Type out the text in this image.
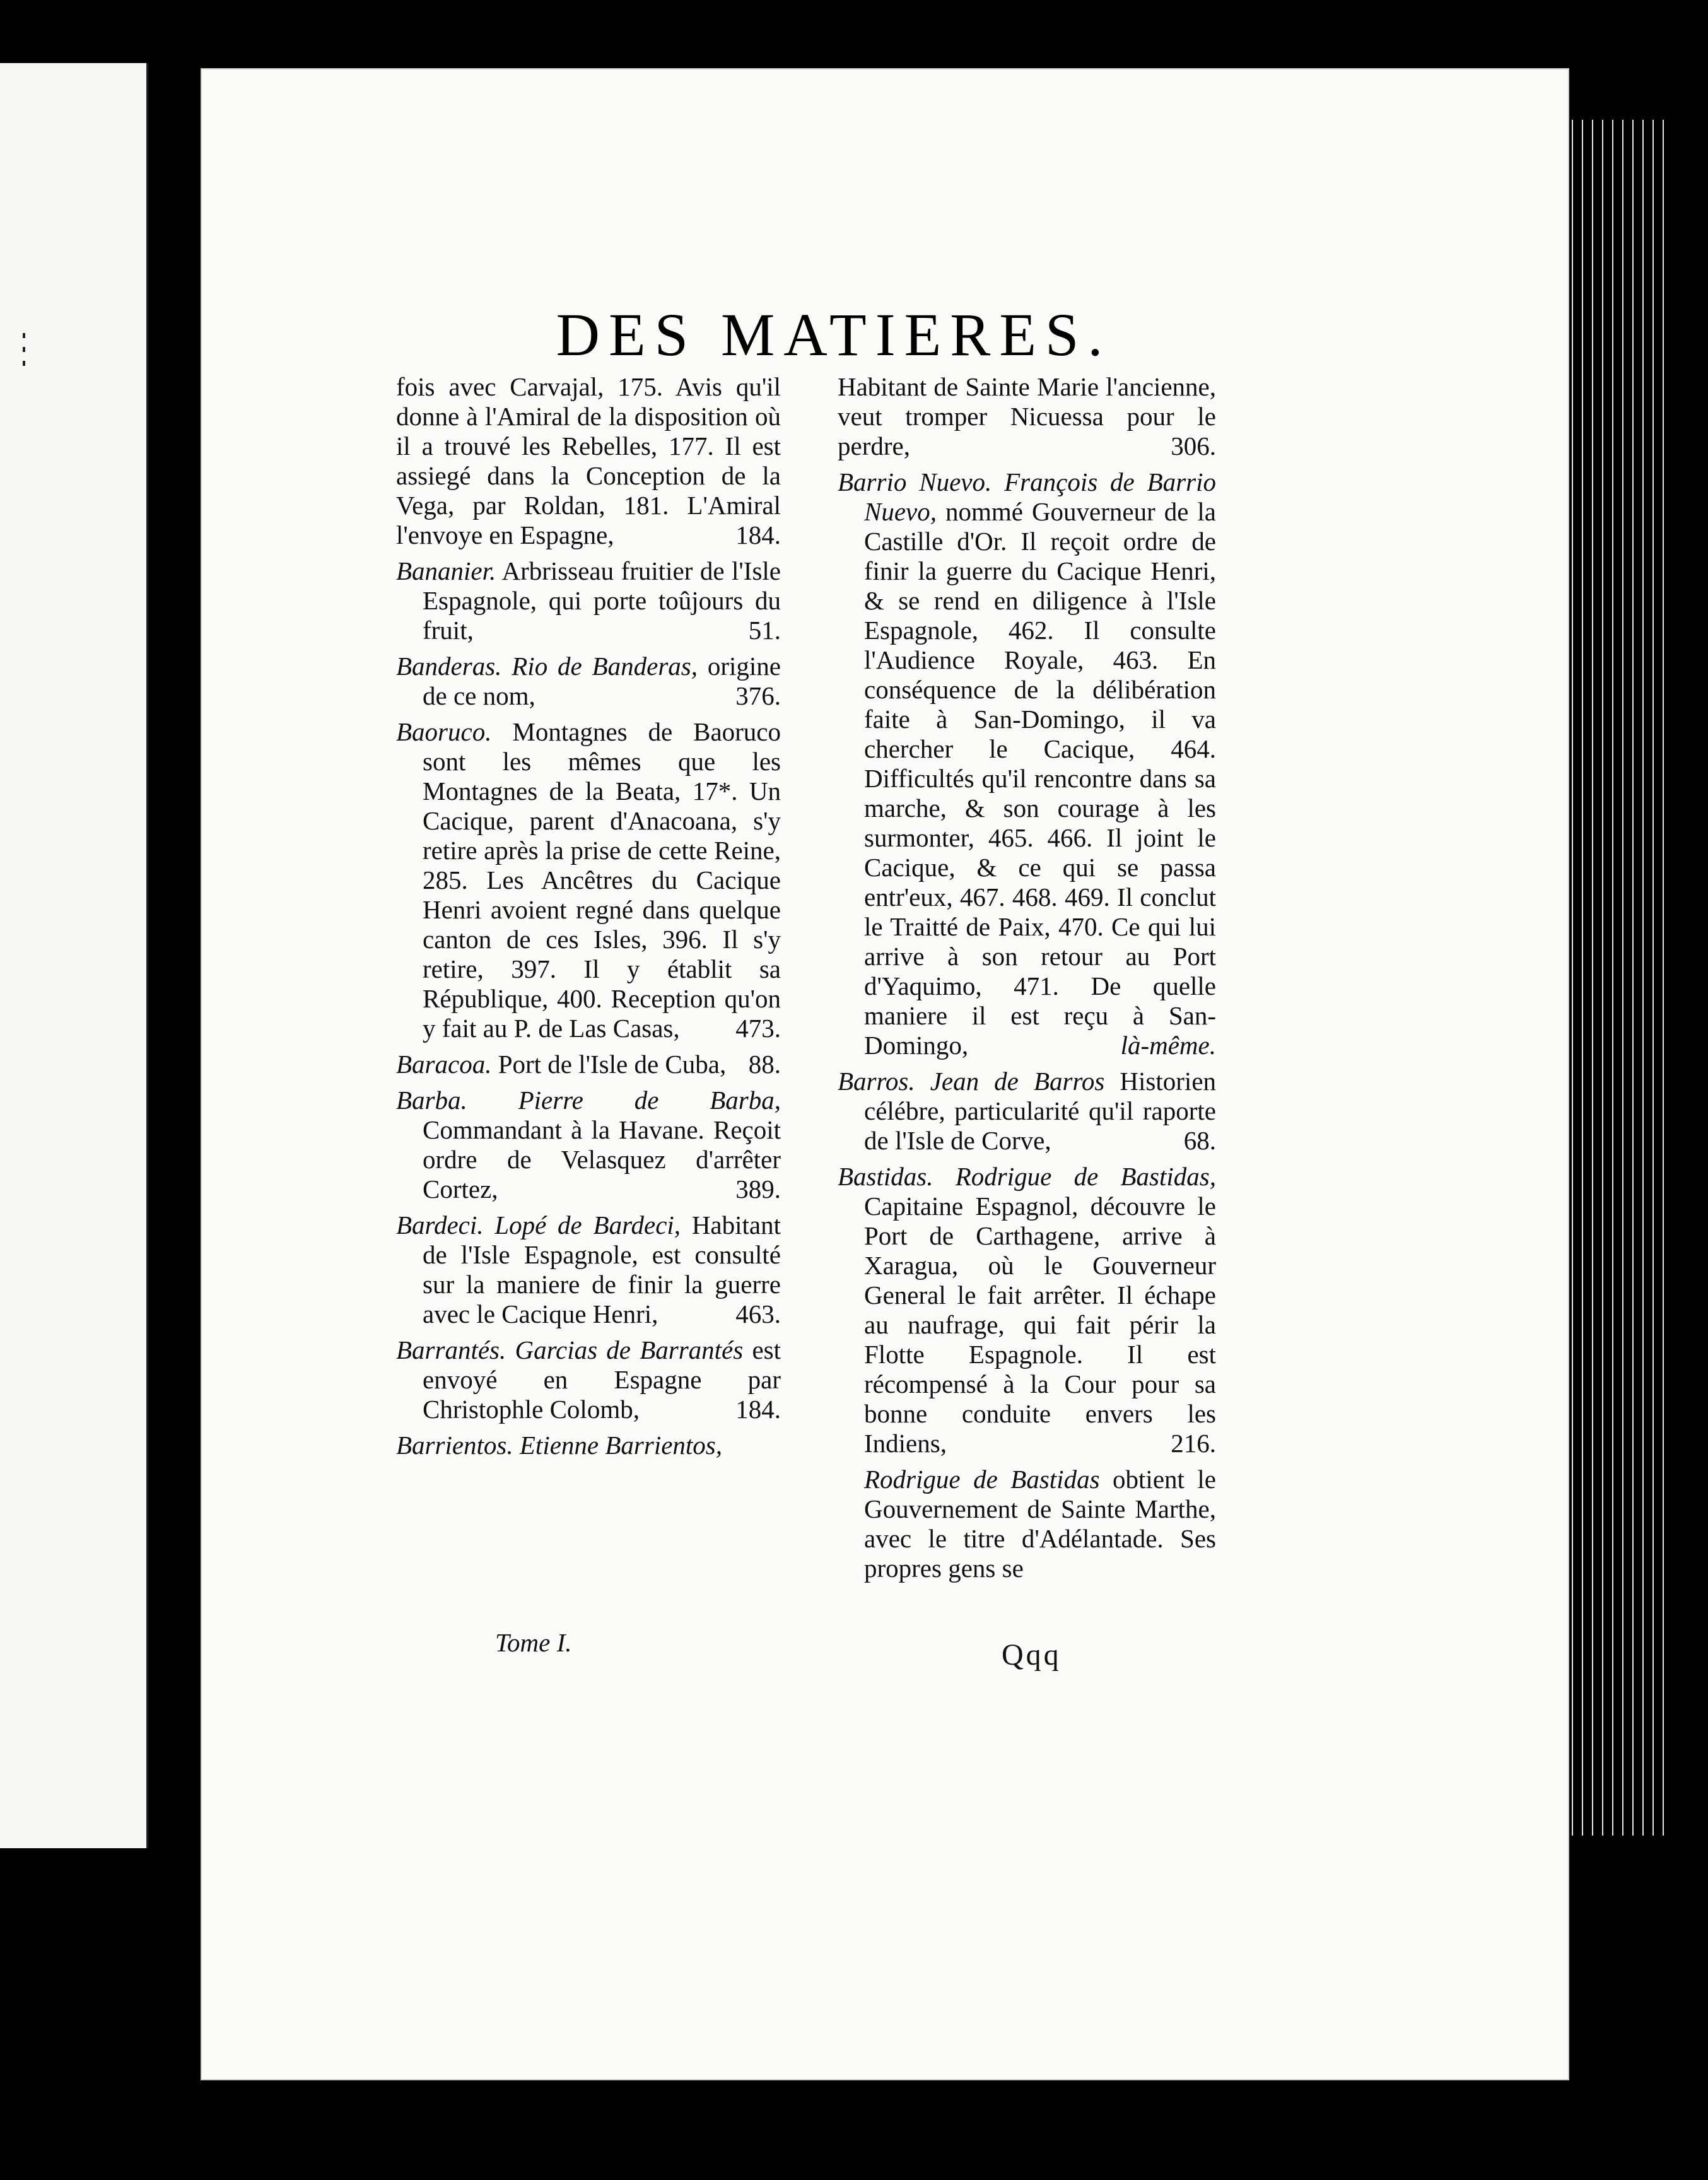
DES MATIERES.
fois avec Carvajal, 175. Avis qu'il donne à l'Amiral de la disposition où il a trouvé les Rebelles, 177. Il est assiegé dans la Conception de la Vega, par Roldan, 181. L'Amiral l'envoye en Espagne,	184.
Bananier. Arbrisseau fruitier de l'Isle Espagnole, qui porte toûjours du fruit,	51.
Banderas. Rio de Banderas, origine de ce nom,	376.
Baoruco. Montagnes de Baoruco sont les mêmes que les Montagnes de la Beata, 17*. Un Cacique, parent d'Anacoana, s'y retire après la prise de cette Reine, 285. Les Ancêtres du Cacique Henri avoient regné dans quelque canton de ces Isles, 396. Il s'y retire, 397. Il y établit sa République, 400. Reception qu'on y fait au P. de Las Casas, 473.
Baracoa. Port de l'Isle de Cuba, 88.
Barba. Pierre de Barba, Commandant à la Havane. Reçoit ordre de Velasquez d'arrêter Cortez,	389.
Bardeci. Lopé de Bardeci, Habitant de l'Isle Espagnole, est consulté sur la maniere de finir la guerre avec le Cacique Henri,	463.
Barrantés. Garcias de Barrantés est envoyé en Espagne par Christophle Colomb,	184.
Barrientos. Etienne Barrientos,
Habitant de Sainte Marie l'ancienne, veut tromper Nicuessa pour le perdre,	306.
Barrio Nuevo. François de Barrio Nuevo, nommé Gouverneur de la Castille d'Or. Il reçoit ordre de finir la guerre du Cacique Henri, & se rend en diligence à l'Isle Espagnole, 462. Il consulte l'Audience Royale, 463. En conséquence de la délibération faite à San-Domingo, il va chercher le Cacique, 464. Difficultés qu'il rencontre dans sa marche, & son courage à les surmonter, 465. 466. Il joint le Cacique, & ce qui se passa entr'eux, 467. 468. 469. Il conclut le Traitté de Paix, 470. Ce qui lui arrive à son retour au Port d'Yaquimo, 471. De quelle maniere il est reçu à San-Domingo,	là-même.
Barros. Jean de Barros Historien célébre, particularité qu'il raporte de l'Isle de Corve,	68.
Bastidas. Rodrigue de Bastidas, Capitaine Espagnol, découvre le Port de Carthagene, arrive à Xaragua, où le Gouverneur General le fait arrêter. Il échape au naufrage, qui fait périr la Flotte Espagnole. Il est récompensé à la Cour pour sa bonne conduite envers les Indiens,	216.
Rodrigue de Bastidas obtient le Gouvernement de Sainte Marthe, avec le titre d'Adélantade. Ses propres gens se
Tome I.	Qqq
